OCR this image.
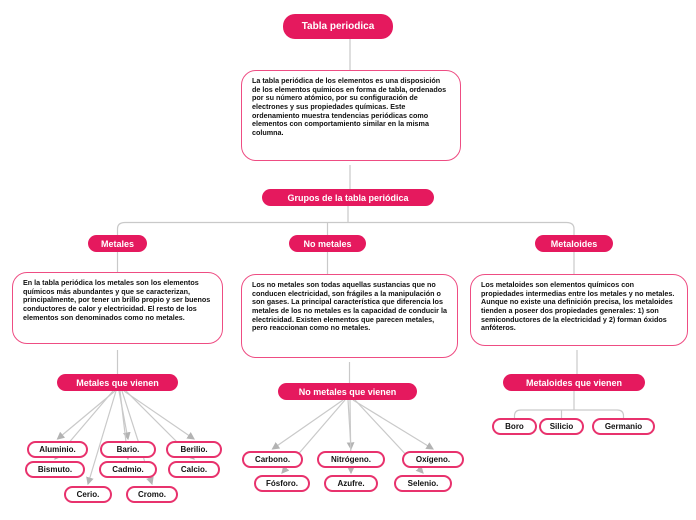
Tabla periodica
La tabla periódica de los elementos es una disposición de los elementos químicos en forma de tabla, ordenados por su número atómico, por su configuración de electrones y sus propiedades químicas. Este ordenamiento muestra tendencias periódicas como elementos con comportamiento similar en la misma columna.
Grupos de la tabla periódica
Metales	No metales	Metaloides
En la tabla periódica los metales son los elementos químicos más abundantes y que se caracterizan, principalmente, por tener un brillo propio y ser buenos conductores de calor y electricidad. El resto de los elementos son denominados como no metales.
Los no metales son todas aquellas sustancias que no conducen electricidad, son frágiles a la manipulación o son gases. La principal característica que diferencia los metales de los no metales es la capacidad de conducir la electricidad. Existen elementos que parecen metales, pero reaccionan como no metales.
Los metaloides son elementos químicos con propiedades intermedias entre los metales y no metales. Aunque no existe una definición precisa, los metaloides tienden a poseer dos propiedades generales: 1) son semiconductores de la electricidad y 2) forman óxidos anfóteros.
Metales que vienen
No metales que vienen
Metaloides que vienen
Aluminio.	Bario.	Berilio.
Bismuto.	Cadmio.	Calcio.
Cerio.	Cromo.
Carbono.	Nitrógeno.	Oxígeno.
Fósforo.	Azufre.	Selenio.
Boro	Silicio	Germanio
